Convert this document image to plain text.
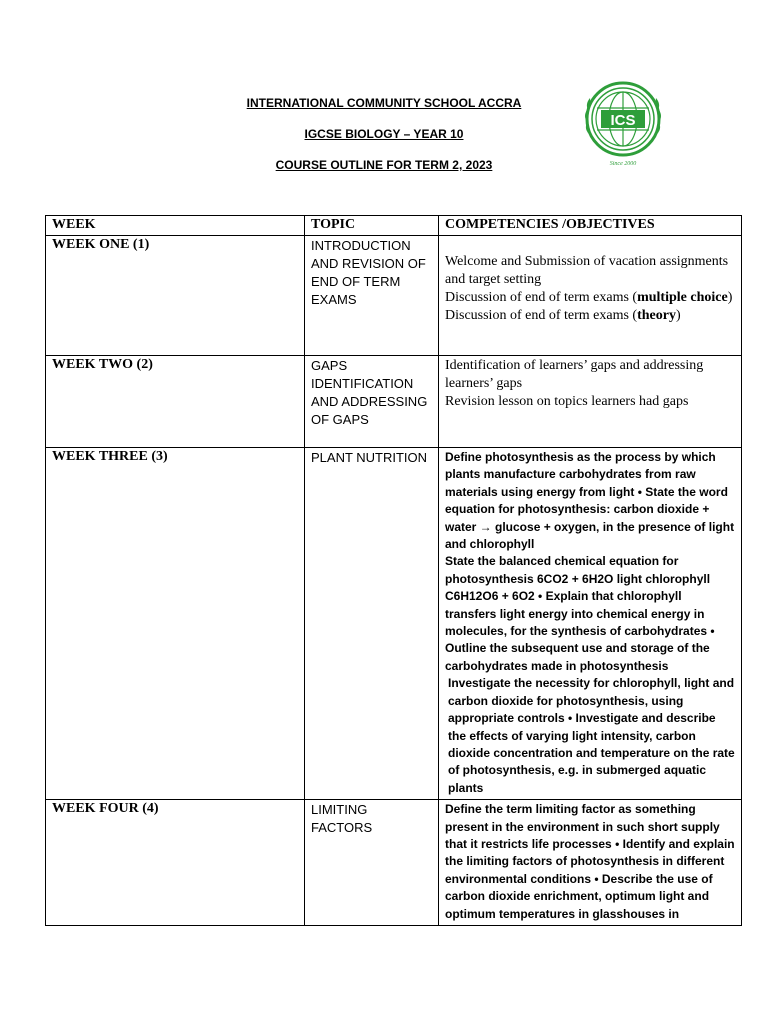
INTERNATIONAL COMMUNITY SCHOOL ACCRA
IGCSE BIOLOGY – YEAR 10
COURSE OUTLINE FOR TERM 2, 2023
ICS
Since 2000
WEEK	TOPIC	COMPETENCIES /OBJECTIVES
WEEK ONE (1)	INTRODUCTION AND REVISION OF END OF TERM EXAMS	Welcome and Submission of vacation assignments and target setting
Discussion of end of term exams (multiple choice)
Discussion of end of term exams (theory)

WEEK TWO (2)	GAPS IDENTIFICATION AND ADDRESSING OF GAPS	Identification of learners’ gaps and addressing learners’ gaps
Revision lesson on topics learners had gaps

WEEK THREE (3)	PLANT NUTRITION	Define photosynthesis as the process by which plants manufacture carbohydrates from raw materials using energy from light • State the word equation for photosynthesis: carbon dioxide + water → glucose + oxygen, in the presence of light and chlorophyll
State the balanced chemical equation for photosynthesis 6CO2 + 6H2O light chlorophyll C6H12O6 + 6O2 • Explain that chlorophyll transfers light energy into chemical energy in molecules, for the synthesis of carbohydrates • Outline the subsequent use and storage of the carbohydrates made in photosynthesis
Investigate the necessity for chlorophyll, light and carbon dioxide for photosynthesis, using appropriate controls • Investigate and describe the effects of varying light intensity, carbon dioxide concentration and temperature on the rate of photosynthesis, e.g. in submerged aquatic plants

WEEK FOUR (4)	LIMITING FACTORS	Define the term limiting factor as something present in the environment in such short supply that it restricts life processes • Identify and explain the limiting factors of photosynthesis in different environmental conditions • Describe the use of carbon dioxide enrichment, optimum light and optimum temperatures in glasshouses in
